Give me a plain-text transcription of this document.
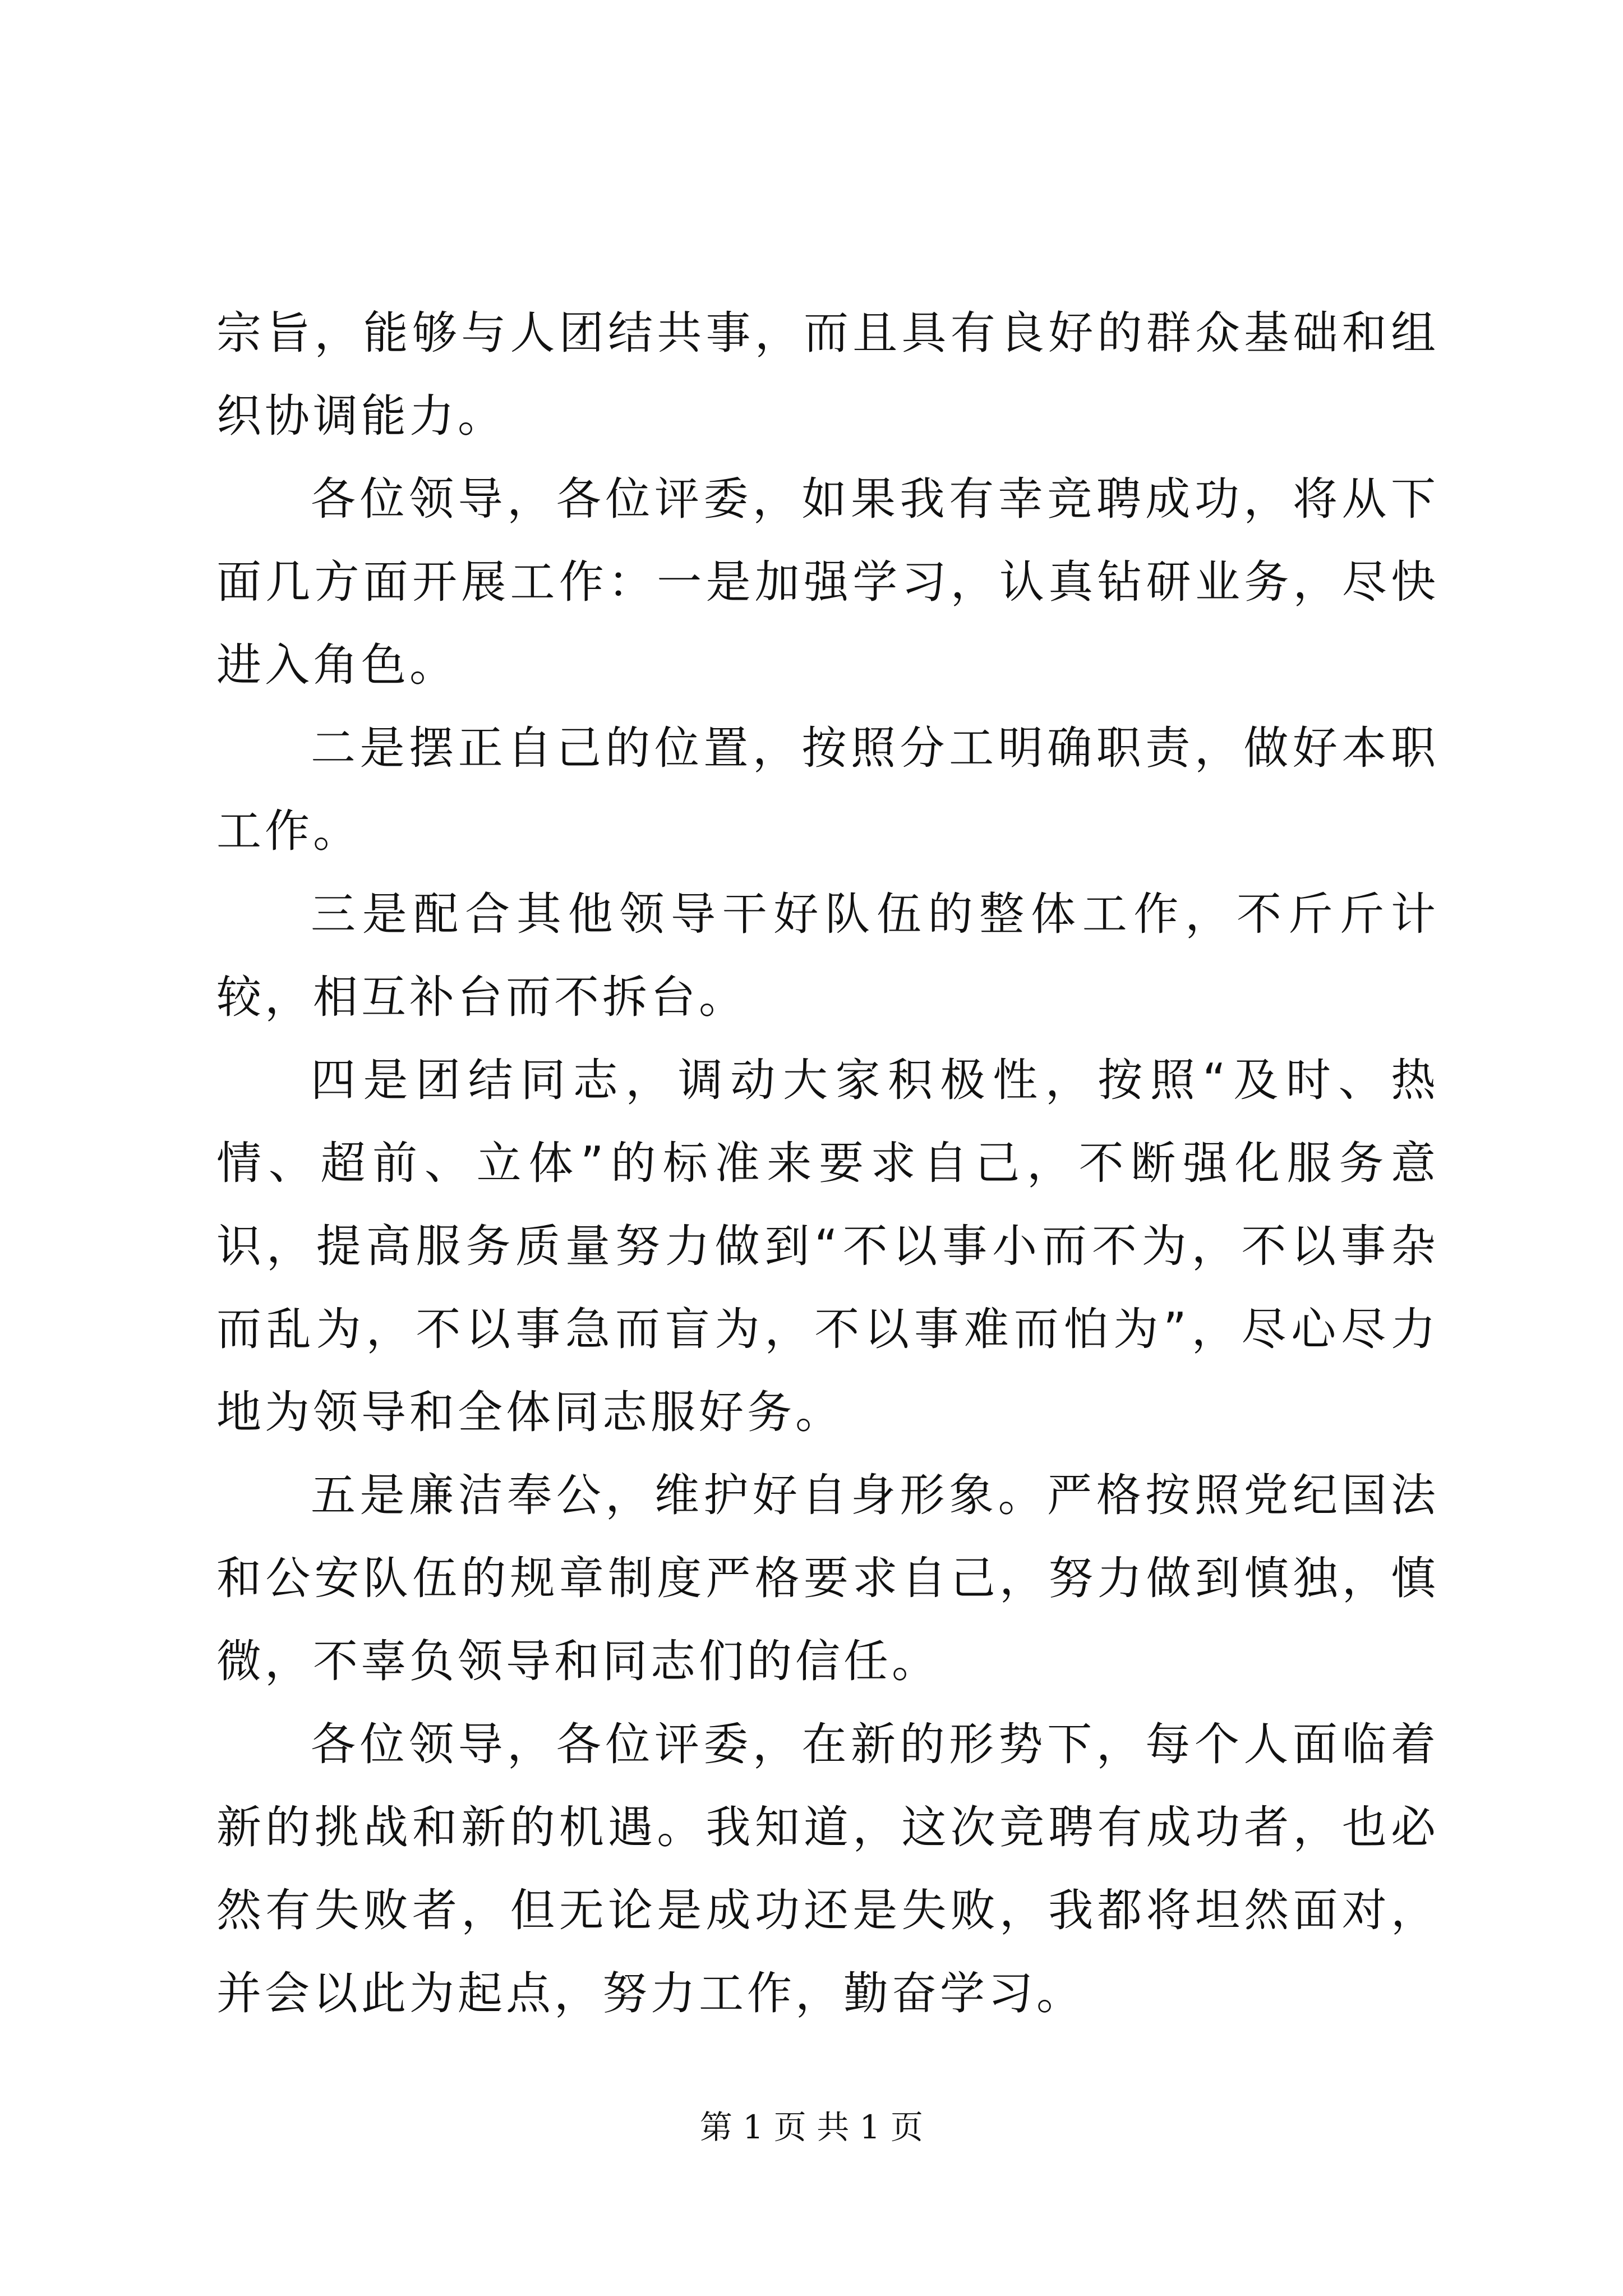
宗旨，能够与人团结共事，而且具有良好的群众基础和组织协调能力。

各位领导，各位评委，如果我有幸竞聘成功，将从下面几方面开展工作：一是加强学习，认真钻研业务，尽快进入角色。

二是摆正自己的位置，按照分工明确职责，做好本职工作。

三是配合其他领导干好队伍的整体工作，不斤斤计较，相互补台而不拆台。

四是团结同志，调动大家积极性，按照“及时、热情、超前、立体”的标准来要求自己，不断强化服务意识，提高服务质量努力做到“不以事小而不为，不以事杂而乱为，不以事急而盲为，不以事难而怕为”，尽心尽力地为领导和全体同志服好务。

五是廉洁奉公，维护好自身形象。严格按照党纪国法和公安队伍的规章制度严格要求自己，努力做到慎独，慎微，不辜负领导和同志们的信任。

各位领导，各位评委，在新的形势下，每个人面临着新的挑战和新的机遇。我知道，这次竞聘有成功者，也必然有失败者，但无论是成功还是失败，我都将坦然面对，并会以此为起点，努力工作，勤奋学习。

第 1 页 共 1 页
